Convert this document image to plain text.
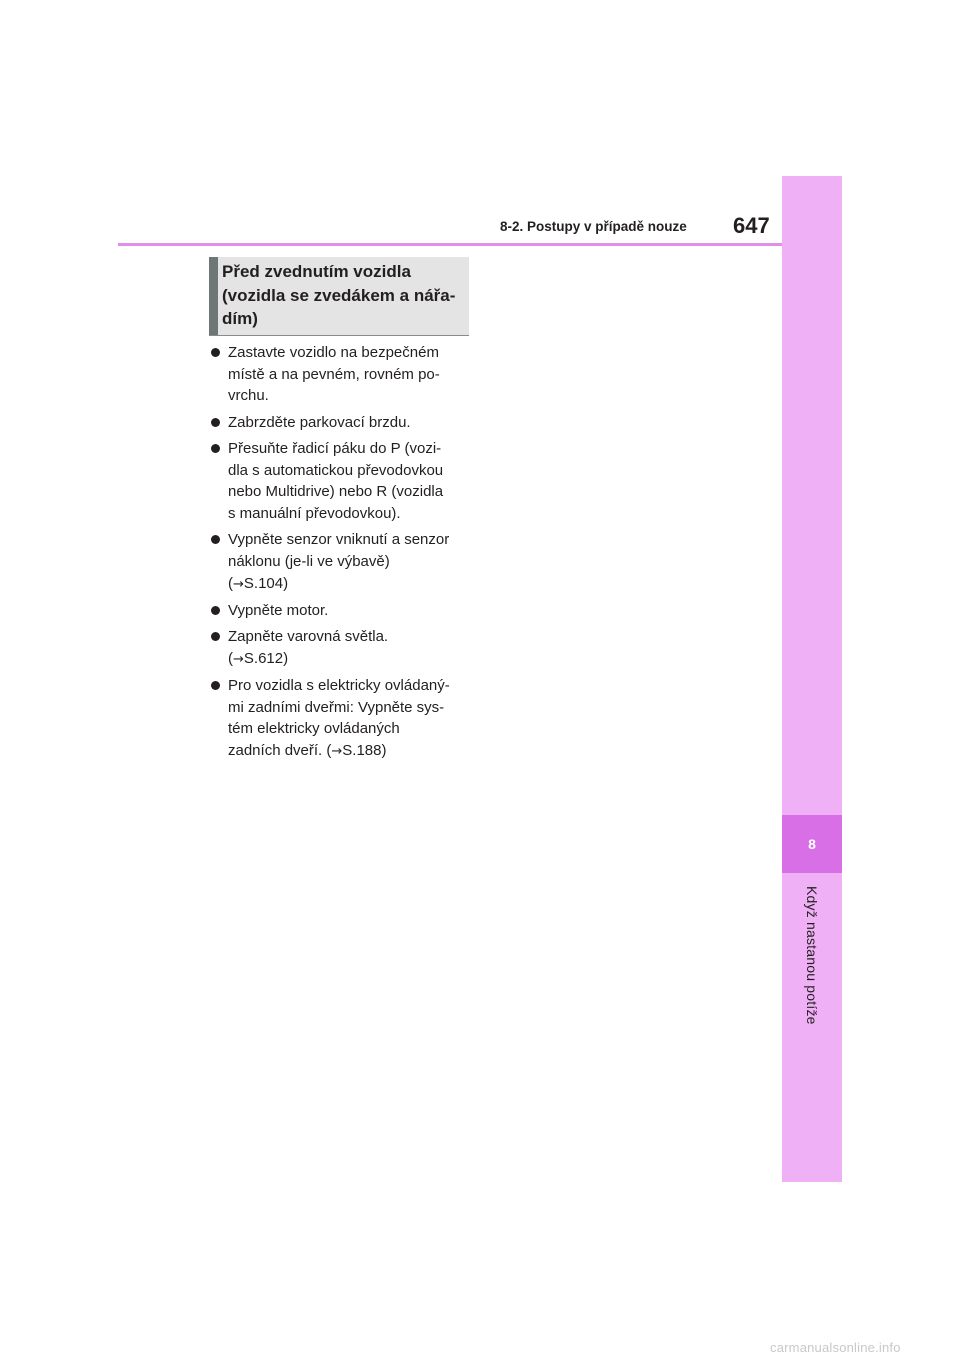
8-2. Postupy v případě nouze 647
8
Když nastanou potíže
Před zvednutím vozidla
(vozidla se zvedákem a nářa-
dím)
Zastavte vozidlo na bezpečném
místě a na pevném, rovném po-
vrchu.
Zabrzděte parkovací brzdu.
Přesuňte řadicí páku do P (vozi-
dla s automatickou převodovkou
nebo Multidrive) nebo R (vozidla
s manuální převodovkou).
Vypněte senzor vniknutí a senzor
náklonu (je-li ve výbavě)
(→S.104)
Vypněte motor.
Zapněte varovná světla.
(→S.612)
Pro vozidla s elektricky ovládaný-
mi zadními dveřmi: Vypněte sys-
tém elektricky ovládaných
zadních dveří. (→S.188)
carmanualsonline.info
